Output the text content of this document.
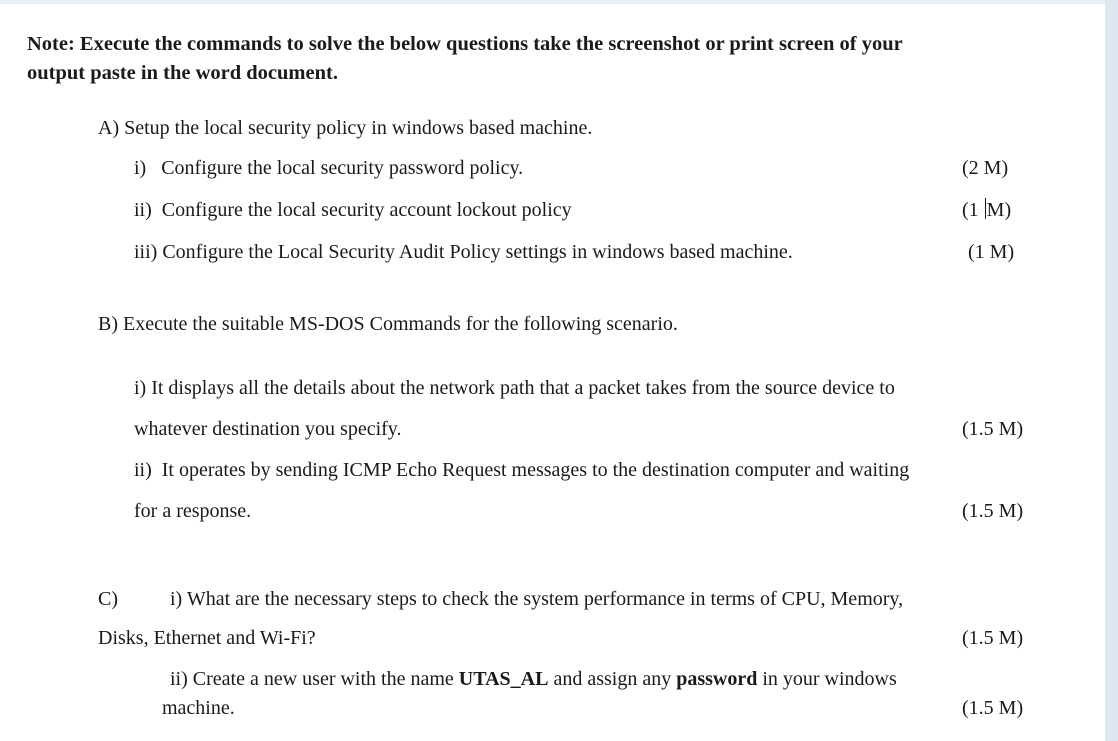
Note: Execute the commands to solve the below questions take the screenshot or print screen of your
output paste in the word document.
A) Setup the local security policy in windows based machine.
i)   Configure the local security password policy.	(2 M)
ii)  Configure the local security account lockout policy	(1 M)
iii) Configure the Local Security Audit Policy settings in windows based machine.	(1 M)
B) Execute the suitable MS-DOS Commands for the following scenario.
i) It displays all the details about the network path that a packet takes from the source device to
whatever destination you specify.	(1.5 M)
ii)  It operates by sending ICMP Echo Request messages to the destination computer and waiting
for a response.	(1.5 M)
C)	i) What are the necessary steps to check the system performance in terms of CPU, Memory,
Disks, Ethernet and Wi-Fi?	(1.5 M)
ii) Create a new user with the name UTAS_AL and assign any password in your windows
machine.	(1.5 M)
